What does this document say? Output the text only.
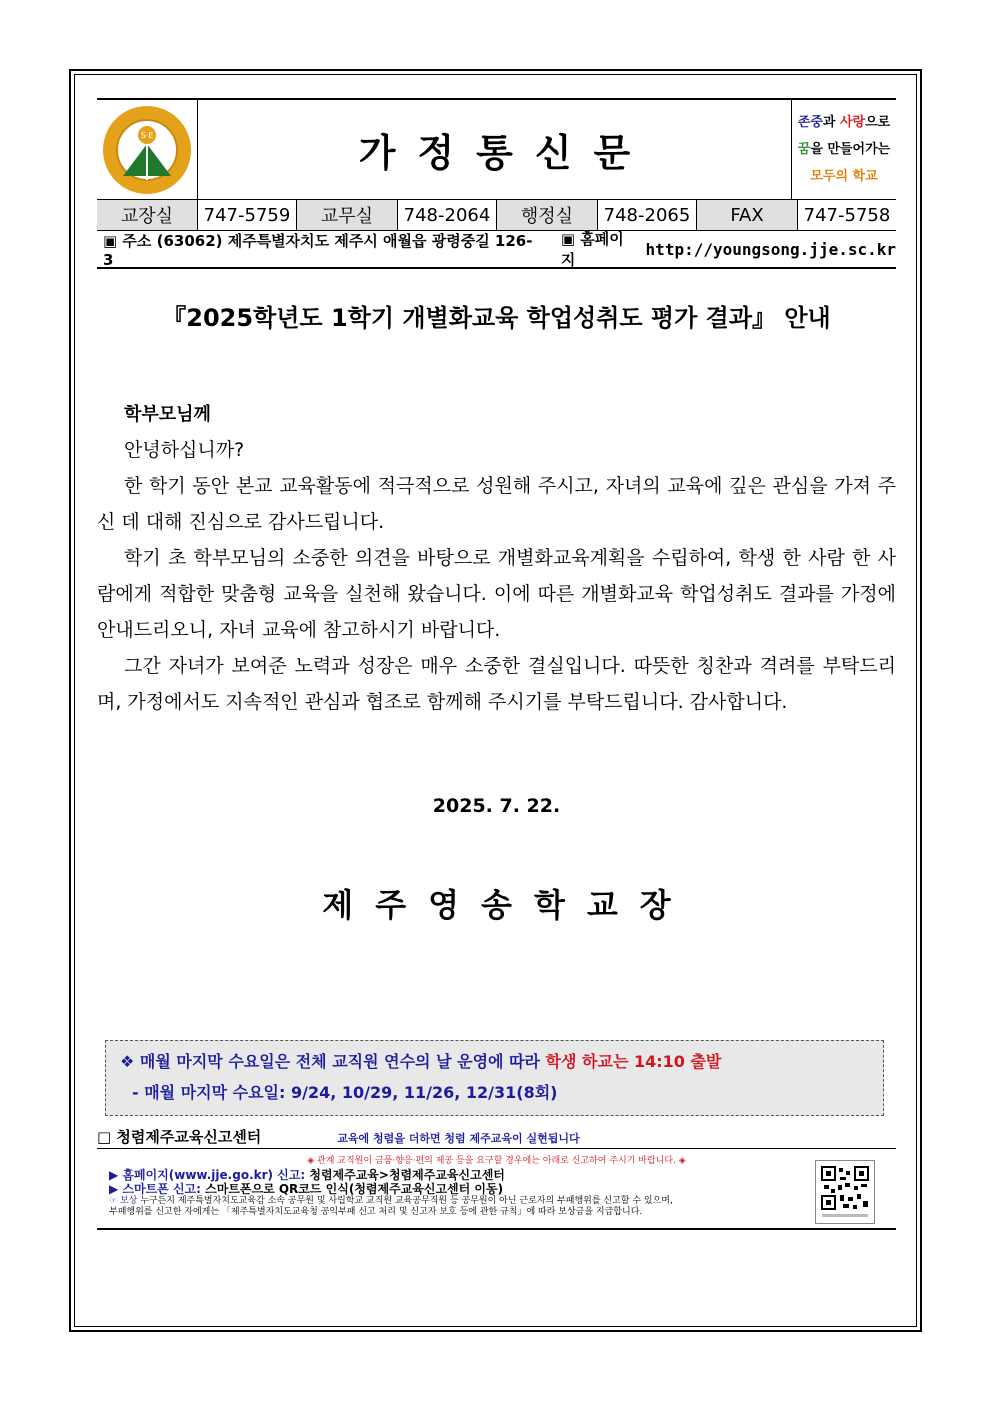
S·E	가정통신문
존중과 사랑으로
꿈을 만들어가는
모두의 학교
교장실	747-5759	교무실	748-2064	행정실	748-2065	FAX	747-5758
▣ 주소 (63062) 제주특별자치도 제주시 애월읍 광령중길 126-3
▣ 홈페이지
http://youngsong.jje.sc.kr
『2025학년도 1학기 개별화교육 학업성취도 평가 결과』 안내
학부모님께

안녕하십니까?

한 학기 동안 본교 교육활동에 적극적으로 성원해 주시고, 자녀의 교육에 깊은 관심을 가져 주신 데 대해 진심으로 감사드립니다.

학기 초 학부모님의 소중한 의견을 바탕으로 개별화교육계획을 수립하여, 학생 한 사람 한 사람에게 적합한 맞춤형 교육을 실천해 왔습니다. 이에 따른 개별화교육 학업성취도 결과를 가정에 안내드리오니, 자녀 교육에 참고하시기 바랍니다.

그간 자녀가 보여준 노력과 성장은 매우 소중한 결실입니다. 따뜻한 칭찬과 격려를 부탁드리며, 가정에서도 지속적인 관심과 협조로 함께해 주시기를 부탁드립니다. 감사합니다.

2025. 7. 22.
제주영송학교장
❖ 매월 마지막 수요일은 전체 교직원 연수의 날 운영에 따라 학생 하교는 14:10 출발
- 매월 마지막 수요일: 9/24, 10/29, 11/26, 12/31(8회)
□ 청렴제주교육신고센터	교육에 청렴을 더하면 청렴 제주교육이 실현됩니다
◈ 관계 교직원이 금품·향응·편의 제공 등을 요구할 경우에는 아래로 신고하여 주시기 바랍니다. ◈
▶ 홈페이지(www.jje.go.kr) 신고: 청렴제주교육>청렴제주교육신고센터
▶ 스마트폰 신고: 스마트폰으로 QR코드 인식(청렴제주교육신고센터 이동)
☞ 보상 누구든지 제주특별자치도교육감 소속 공무원 및 사립학교 교직원 교육공무직원 등 공무원이 아닌 근로자의 부패행위를 신고할 수 있으며,
부패행위를 신고한 자에게는 「제주특별자치도교육청 공익부패 신고 처리 및 신고자 보호 등에 관한 규칙」에 따라 보상금을 지급합니다.
